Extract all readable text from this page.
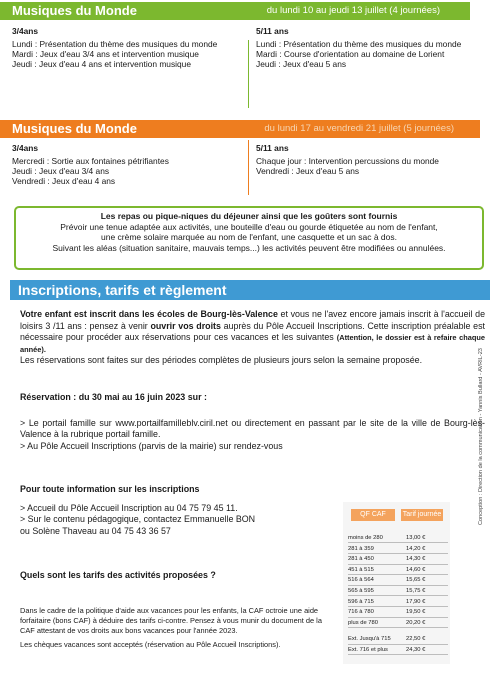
Musiques du Monde	du lundi 10 au jeudi 13 juillet (4 journées)
3/4ans
Lundi : Présentation du thème des musiques du monde
Mardi : Jeux d'eau 3/4 ans et intervention musique
Jeudi : Jeux d'eau 4 ans et intervention musique
5/11 ans
Lundi : Présentation du thème des musiques du monde
Mardi : Course d'orientation au domaine de Lorient
Jeudi : Jeux d'eau 5 ans
Musiques du Monde	du lundi 17 au vendredi 21 juillet (5 journées)
3/4ans
Mercredi : Sortie aux fontaines pétrifiantes
Jeudi : Jeux d'eau 3/4 ans
Vendredi : Jeux d'eau 4 ans
5/11 ans
Chaque jour : Intervention percussions du monde
Vendredi : Jeux d'eau 5 ans
Les repas ou pique-niques du déjeuner ainsi que les goûters sont fournis
Prévoir une tenue adaptée aux activités, une bouteille d'eau ou gourde étiquetée au nom de l'enfant,
une crème solaire marquée au nom de l'enfant, une casquette et un sac à dos.
Suivant les aléas (situation sanitaire, mauvais temps...) les activités peuvent être modifiées ou annulées.
Inscriptions, tarifs et règlement

Votre enfant est inscrit dans les écoles de Bourg-lès-Valence et vous ne l'avez encore jamais inscrit à l'accueil de loisirs 3 /11 ans : pensez à venir ouvrir vos droits auprès du Pôle Accueil Inscriptions. Cette inscription préalable est nécessaire pour procéder aux réservations pour ces vacances et les suivantes (Attention, le dossier est à refaire chaque année).

Les réservations sont faites sur des périodes complètes de plusieurs jours selon la semaine proposée.

Réservation : du 30 mai au 16 juin 2023 sur :

> Le portail famille sur www.portailfamilleblv.ciril.net ou directement en passant par le site de la ville de Bourg-lès-Valence à la rubrique portail famille.

> Au Pôle Accueil Inscriptions (parvis de la mairie) sur rendez-vous

Pour toute information sur les inscriptions

> Accueil du Pôle Accueil Inscription au 04 75 79 45 11.

> Sur le contenu pédagogique, contactez Emmanuelle BON

ou Solène Thaveau au 04 75 43 36 57

Quels sont les tarifs des activités proposées ?

Dans le cadre de la politique d'aide aux vacances pour les enfants, la CAF octroie une aide forfaitaire (bons CAF) à déduire des tarifs ci-contre. Pensez à vous munir du document de la CAF attestant de vos droits aux bons vacances pour l'année 2023.

Les chèques vacances sont acceptés (réservation au Pôle Accueil Inscriptions).

QF CAF	Tarif journée
moins de 280	13,00 €
281 à 359	14,20 €
281 à 450	14,30 €
451 à 515	14,60 €
516 à 564	15,65 €
565 à 595	15,75 €
596 à 715	17,90 €
716 à 780	19,50 €
plus de 780	20,20 €
Ext. Jusqu'à 715	22,50 €
Ext. 716 et plus	24,30 €
Conception : Direction de la communication - Yannis Bullard - AVRIL-23
